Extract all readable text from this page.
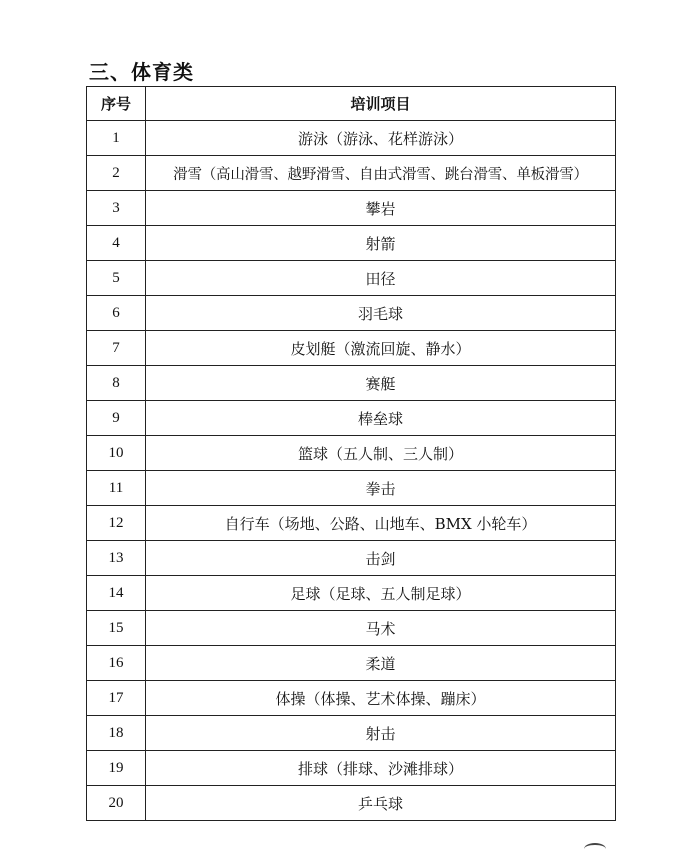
三、体育类
序号	培训项目
1	游泳（游泳、花样游泳）
2	滑雪（高山滑雪、越野滑雪、自由式滑雪、跳台滑雪、单板滑雪）
3	攀岩
4	射箭
5	田径
6	羽毛球
7	皮划艇（激流回旋、静水）
8	赛艇
9	棒垒球
10	篮球（五人制、三人制）
11	拳击
12	自行车（场地、公路、山地车、BMX 小轮车）
13	击剑
14	足球（足球、五人制足球）
15	马术
16	柔道
17	体操（体操、艺术体操、蹦床）
18	射击
19	排球（排球、沙滩排球）
20	乒乓球
